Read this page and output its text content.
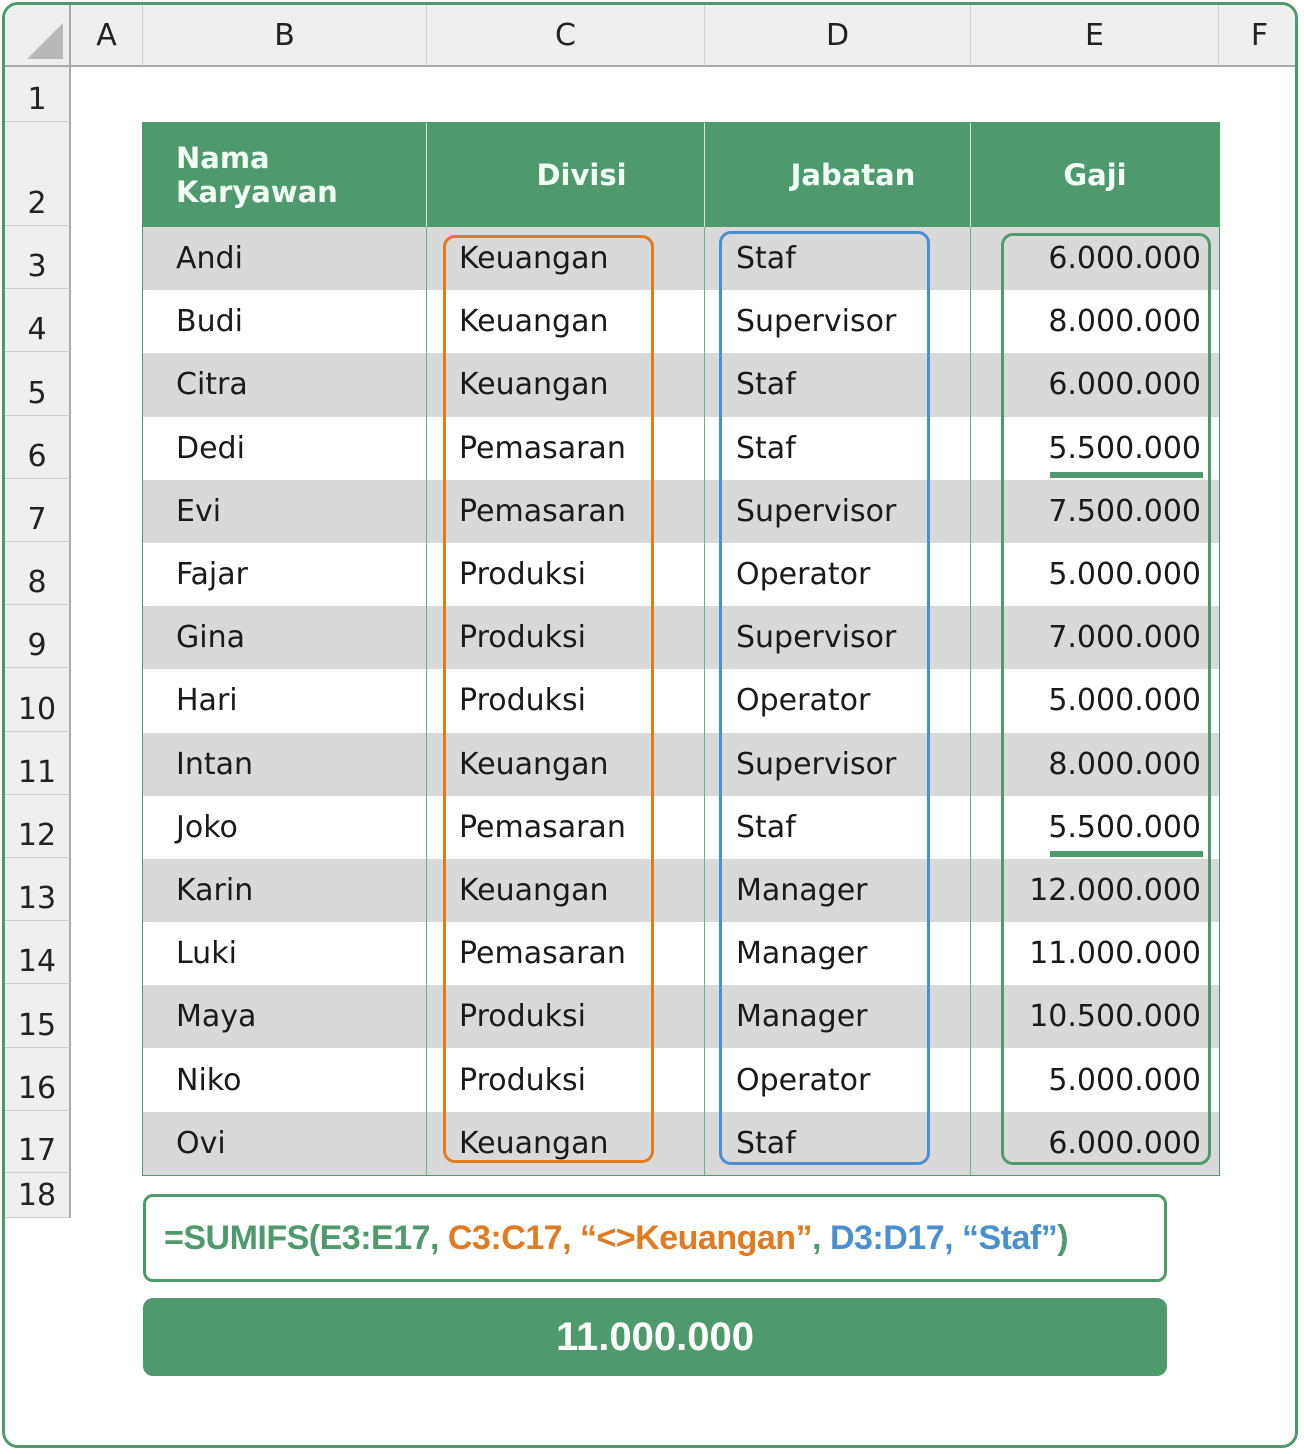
A	B	C	D	E	F
1
2
3
4
5
6
7
8
9
10
11
12
13
14
15
16
17
18
Nama Karyawan	Divisi	Jabatan	Gaji
Andi	Keuangan	Staf	6.000.000
Budi	Keuangan	Supervisor	8.000.000
Citra	Keuangan	Staf	6.000.000
Dedi	Pemasaran	Staf	5.500.000
Evi	Pemasaran	Supervisor	7.500.000
Fajar	Produksi	Operator	5.000.000
Gina	Produksi	Supervisor	7.000.000
Hari	Produksi	Operator	5.000.000
Intan	Keuangan	Supervisor	8.000.000
Joko	Pemasaran	Staf	5.500.000
Karin	Keuangan	Manager	12.000.000
Luki	Pemasaran	Manager	11.000.000
Maya	Produksi	Manager	10.500.000
Niko	Produksi	Operator	5.000.000
Ovi	Keuangan	Staf	6.000.000
=SUMIFS(E3:E17, C3:C17, “<>Keuangan” , D3:D17, “Staf” )
11.000.000
